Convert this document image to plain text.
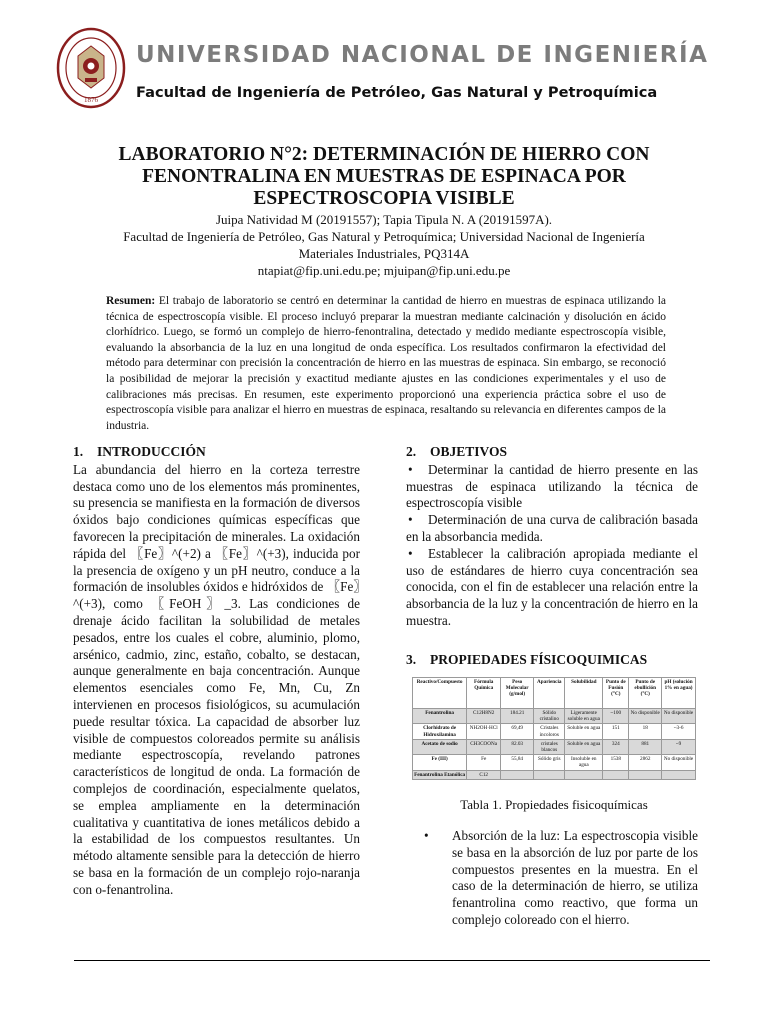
1876
UNIVERSIDAD NACIONAL DE INGENIERÍA
Facultad de Ingeniería de Petróleo, Gas Natural y Petroquímica
LABORATORIO N°2: DETERMINACIÓN DE HIERRO CON
FENONTRALINA EN MUESTRAS DE ESPINACA POR
ESPECTROSCOPIA VISIBLE
Juipa Natividad M (20191557); Tapia Tipula N. A (20191597A).
Facultad de Ingeniería de Petróleo, Gas Natural y Petroquímica; Universidad Nacional de Ingeniería
Materiales Industriales, PQ314A
ntapiat@fip.uni.edu.pe; mjuipan@fip.uni.edu.pe

Resumen: El trabajo de laboratorio se centró en determinar la cantidad de hierro en muestras de espinaca utilizando la técnica de espectroscopía visible. El proceso incluyó preparar la muestran mediante calcinación y disolución en ácido clorhídrico. Luego, se formó un complejo de hierro-fenontralina, detectado y medido mediante espectroscopía visible, evaluando la absorbancia de la luz en una longitud de onda específica. Los resultados confirmaron la efectividad del método para determinar con precisión la concentración de hierro en las muestras de espinaca. Sin embargo, se reconoció la posibilidad de mejorar la precisión y exactitud mediante ajustes en las condiciones experimentales y el uso de calibraciones más precisas. En resumen, este experimento proporcionó una experiencia práctica sobre el uso de espectroscopía visible para analizar el hierro en muestras de espinaca, resaltando su relevancia en diferentes campos de la industria.

1. INTRODUCCIÓN

La abundancia del hierro en la corteza terrestre destaca como uno de los elementos más prominentes, su presencia se manifiesta en la formación de diversos óxidos bajo condiciones químicas específicas que favorecen la precipitación de minerales. La oxidación rápida del 〖Fe〗^(+2) a 〖Fe〗^(+3), inducida por la presencia de oxígeno y un pH neutro, conduce a la formación de insolubles óxidos e hidróxidos de 〖Fe〗^(+3), como 〖FeOH〗_3. Las condiciones de drenaje ácido facilitan la solubilidad de metales pesados, entre los cuales el cobre, aluminio, plomo, arsénico, cadmio, zinc, estaño, cobalto, se destacan, aunque generalmente en baja concentración. Aunque elementos esenciales como Fe, Mn, Cu, Zn intervienen en procesos fisiológicos, su acumulación puede resultar tóxica. La capacidad de absorber luz visible de compuestos coloreados permite su análisis mediante espectroscopía, revelando patrones característicos de longitud de onda. La formación de complejos de coordinación, especialmente quelatos, se emplea ampliamente en la determinación cualitativa y cuantitativa de iones metálicos debido a la estabilidad de los compuestos resultantes. Un método altamente sensible para la detección de hierro se basa en la formación de un complejo rojo-naranja con o-fenantrolina.

2. OBJETIVOS
• Determinar la cantidad de hierro presente en las muestras de espinaca utilizando la técnica de espectroscopía visible
• Determinación de una curva de calibración basada en la absorbancia medida.
• Establecer la calibración apropiada mediante el uso de estándares de hierro cuya concentración sea conocida, con el fin de establecer una relación entre la absorbancia de la luz y la concentración de hierro en la muestra.
3. PROPIEDADES FÍSICOQUIMICAS
Reactivo/Compuesto	Fórmula Química	Peso Molecular (g/mol)	Apariencia	Solubilidad	Punto de Fusión (°C)	Punto de ebullición (°C)	pH (solución 1% en agua)
Fenantrolina	C12H8N2	184.21	Sólido cristalino	Ligeramente soluble en agua	~100	No disponible	No disponible
Clorhidrato de Hidroxilamina	NH2OH·HCl	69,49	Cristales incoloros	Soluble en agua	151	18	~3-6
Acetato de sodio	CH3COONa	82.03	cristales blancos	Soluble en agua	324	881	~9
Fe (III)	Fe	55,84	Sólido gris	Insoluble en agua	1538	2862	No disponible
Fenantrolina Etanólica	C12						
Tabla 1. Propiedades fisicoquímicas
• Absorción de la luz: La espectroscopia visible se basa en la absorción de luz por parte de los compuestos presentes en la muestra. En el caso de la determinación de hierro, se utiliza fenantrolina como reactivo, que forma un complejo coloreado con el hierro.
